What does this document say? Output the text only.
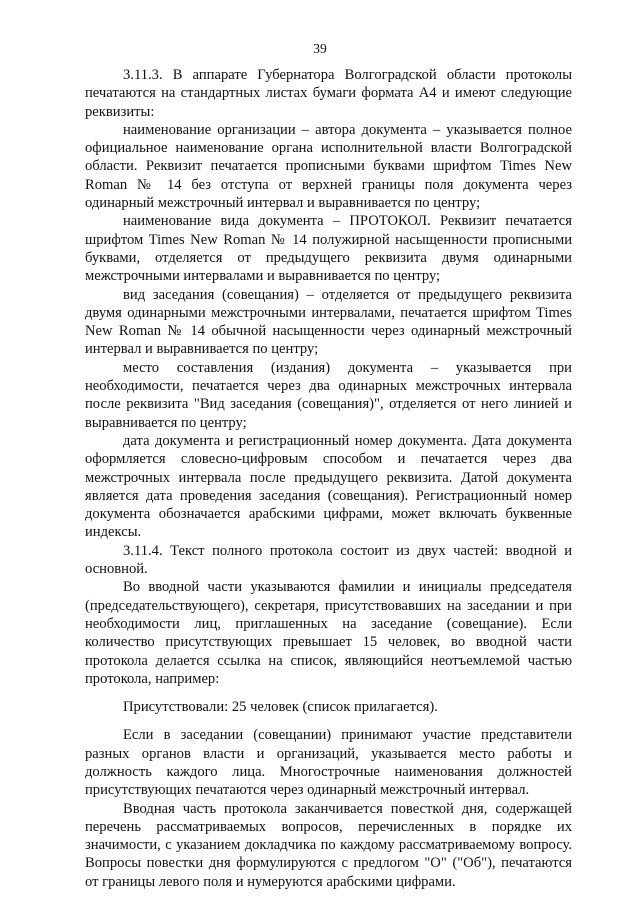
39

3.11.3. В аппарате Губернатора Волгоградской области протоколы печатаются на стандартных листах бумаги формата А4 и имеют следующие реквизиты:

наименование организации – автора документа – указывается полное официальное наименование органа исполнительной власти Волгоградской области. Реквизит печатается прописными буквами шрифтом Times New Roman № 14 без отступа от верхней границы поля документа через одинарный межстрочный интервал и выравнивается по центру;

наименование вида документа – ПРОТОКОЛ. Реквизит печатается шрифтом Times New Roman № 14 полужирной насыщенности прописными буквами, отделяется от предыдущего реквизита двумя одинарными межстрочными интервалами и выравнивается по центру;

вид заседания (совещания) – отделяется от предыдущего реквизита двумя одинарными межстрочными интервалами, печатается шрифтом Times New Roman № 14 обычной насыщенности через одинарный межстрочный интервал и выравнивается по центру;

место составления (издания) документа – указывается при необходимости, печатается через два одинарных межстрочных интервала после реквизита "Вид заседания (совещания)", отделяется от него линией и выравнивается по центру;

дата документа и регистрационный номер документа. Дата документа оформляется словесно-цифровым способом и печатается через два межстрочных интервала после предыдущего реквизита. Датой документа является дата проведения заседания (совещания). Регистрационный номер документа обозначается арабскими цифрами, может включать буквенные индексы.

3.11.4. Текст полного протокола состоит из двух частей: вводной и основной.

Во вводной части указываются фамилии и инициалы председателя (председательствующего), секретаря, присутствовавших на заседании и при необходимости лиц, приглашенных на заседание (совещание). Если количество присутствующих превышает 15 человек, во вводной части протокола делается ссылка на список, являющийся неотъемлемой частью протокола, например:

Присутствовали: 25 человек (список прилагается).

Если в заседании (совещании) принимают участие представители разных органов власти и организаций, указывается место работы и должность каждого лица. Многострочные наименования должностей присутствующих печатаются через одинарный межстрочный интервал.

Вводная часть протокола заканчивается повесткой дня, содержащей перечень рассматриваемых вопросов, перечисленных в порядке их значимости, с указанием докладчика по каждому рассматриваемому вопросу. Вопросы повестки дня формулируются с предлогом "О" ("Об"), печатаются от границы левого поля и нумеруются арабскими цифрами.
